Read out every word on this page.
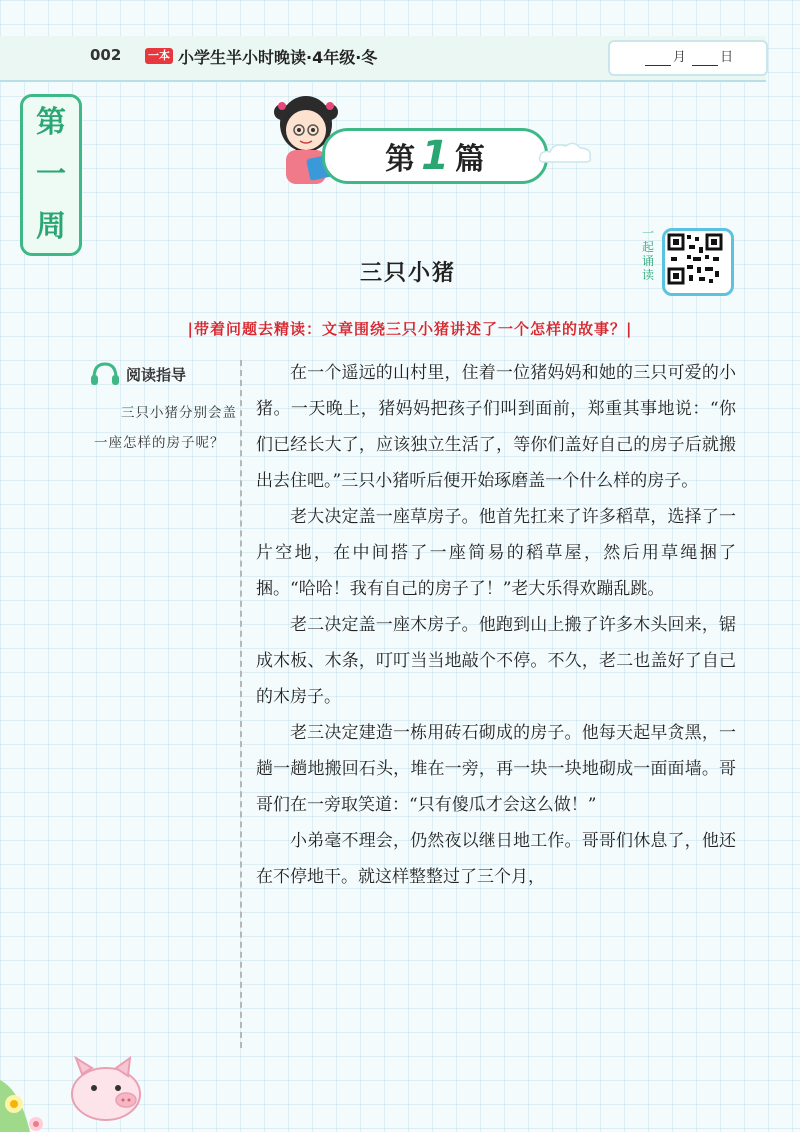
002 一本 小学生半小时晚读·4年级·冬	月	日
第
一
周
第 1 篇
三只小猪
一
起
诵
读
|带着问题去精读：文章围绕三只小猪讲述了一个怎样的故事？|
阅读指导
三只小猪分别会盖一座怎样的房子呢？

在一个遥远的山村里，住着一位猪妈妈和她的三只可爱的小猪。一天晚上，猪妈妈把孩子们叫到面前，郑重其事地说：“你们已经长大了，应该独立生活了，等你们盖好自己的房子后就搬出去住吧。”三只小猪听后便开始琢磨盖一个什么样的房子。

老大决定盖一座草房子。他首先扛来了许多稻草，选择了一片空地，在中间搭了一座简易的稻草屋，然后用草绳捆了捆。“哈哈！我有自己的房子了！”老大乐得欢蹦乱跳。

老二决定盖一座木房子。他跑到山上搬了许多木头回来，锯成木板、木条，叮叮当当地敲个不停。不久，老二也盖好了自己的木房子。

老三决定建造一栋用砖石砌成的房子。他每天起早贪黑，一趟一趟地搬回石头，堆在一旁，再一块一块地砌成一面面墙。哥哥们在一旁取笑道：“只有傻瓜才会这么做！”

小弟毫不理会，仍然夜以继日地工作。哥哥们休息了，他还在不停地干。就这样整整过了三个月，
